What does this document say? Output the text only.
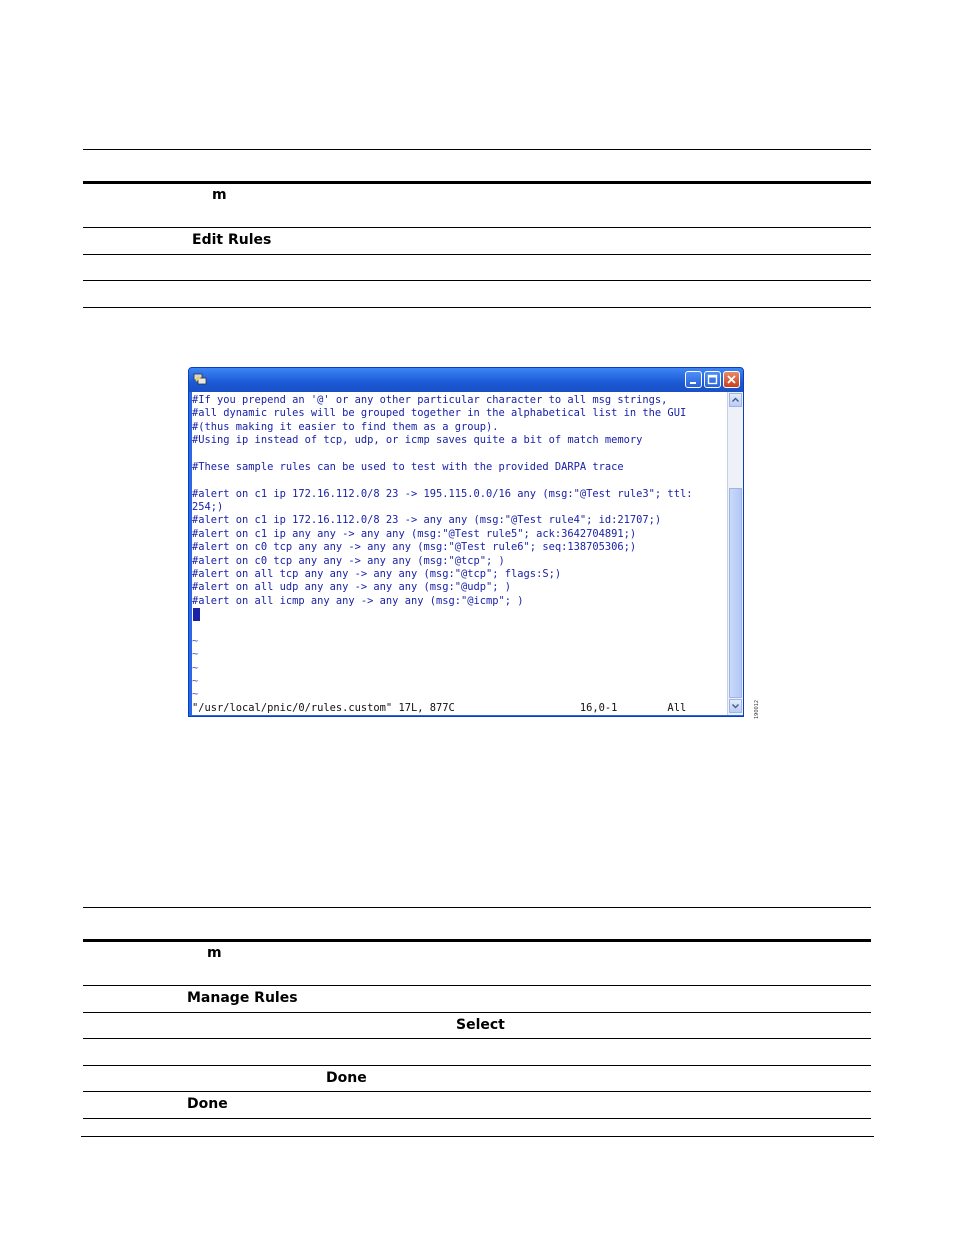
m
Edit Rules
#If you prepend an '@' or any other particular character to all msg strings,
#all dynamic rules will be grouped together in the alphabetical list in the GUI
#(thus making it easier to find them as a group).
#Using ip instead of tcp, udp, or icmp saves quite a bit of match memory
#These sample rules can be used to test with the provided DARPA trace
#alert on c1 ip 172.16.112.0/8 23 -> 195.115.0.0/16 any (msg:"@Test rule3"; ttl:
254;)
#alert on c1 ip 172.16.112.0/8 23 -> any any (msg:"@Test rule4"; id:21707;)
#alert on c1 ip any any -> any any (msg:"@Test rule5"; ack:3642704891;)
#alert on c0 tcp any any -> any any (msg:"@Test rule6"; seq:138705306;)
#alert on c0 tcp any any -> any any (msg:"@tcp"; )
#alert on all tcp any any -> any any (msg:"@tcp"; flags:S;)
#alert on all udp any any -> any any (msg:"@udp"; )
#alert on all icmp any any -> any any (msg:"@icmp"; )
~
~
~
~
~
"/usr/local/pnic/0/rules.custom" 17L, 877C                    16,0-1        All	190012
m
Manage Rules
Select
Done
Done
